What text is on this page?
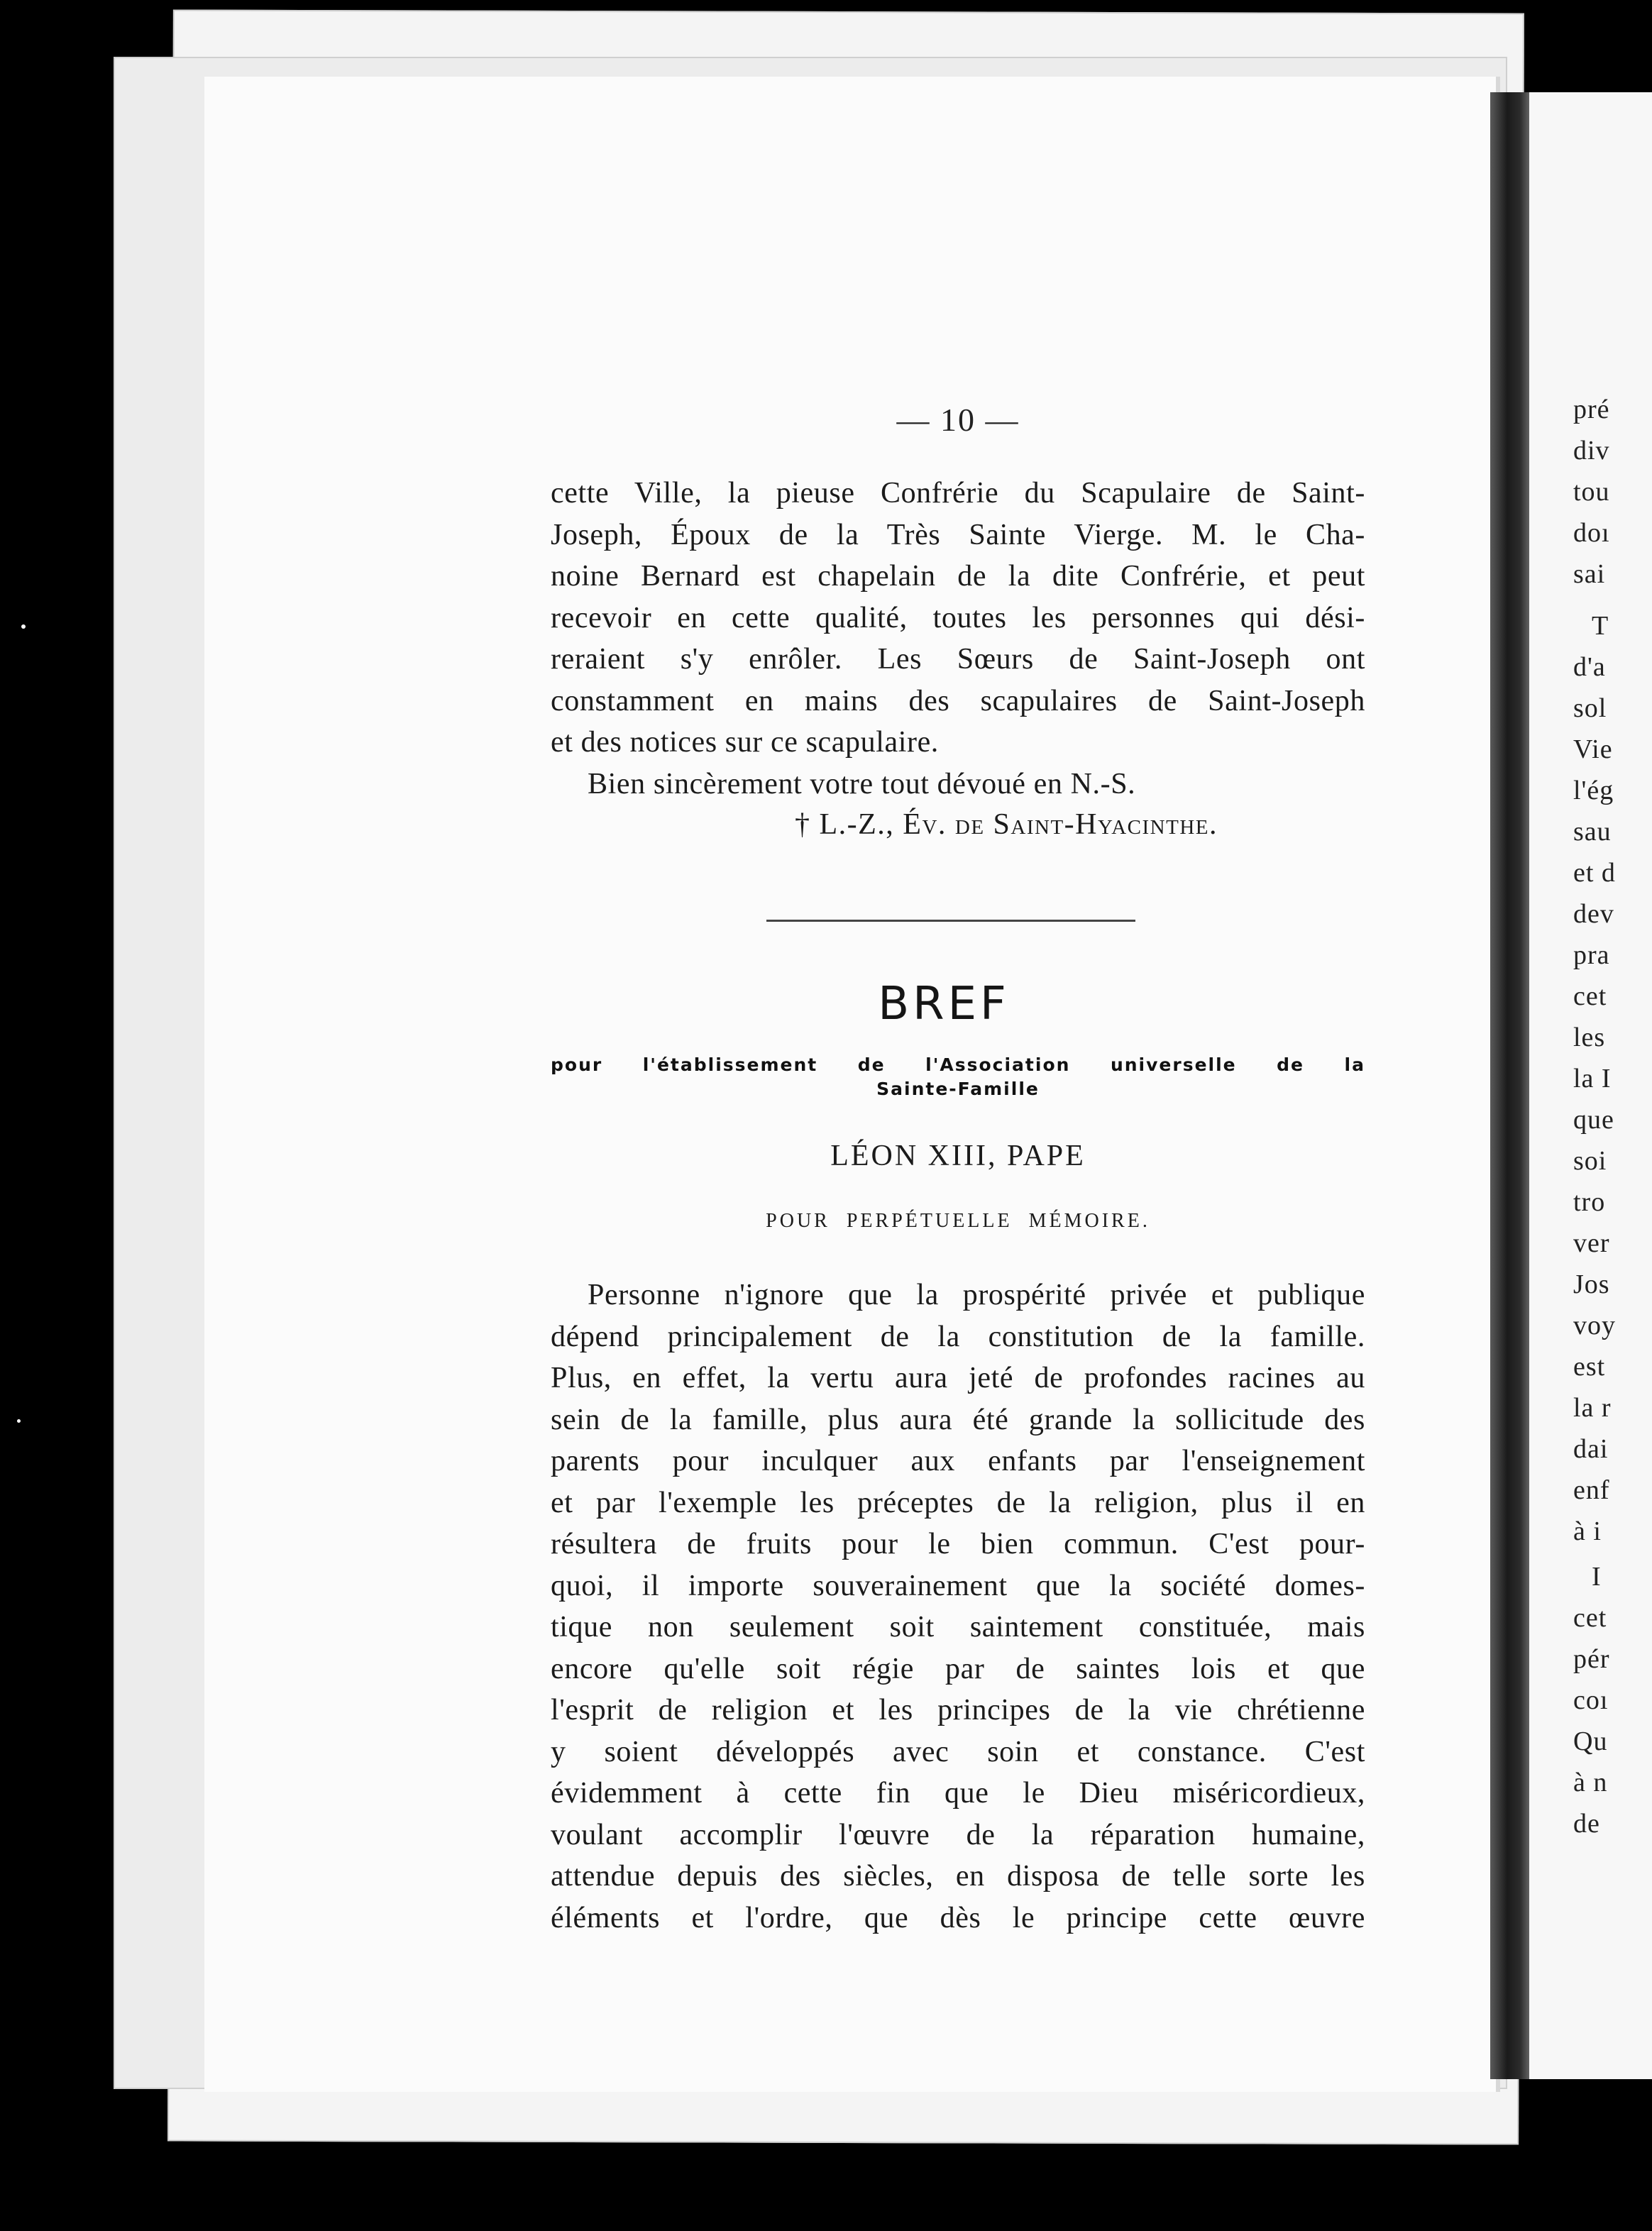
pré
div
tou
doı
sai
T
d'a
sol
Vie
l'ég
sau
et d
dev
pra
cet
les
la I
que
soi
tro
ver
Jos
voy
est
la r
dai
enf
à i
I
cet
pér
coı
Qu
à n
de
— 10 —
cette Ville, la pieuse Confrérie du Scapulaire de Saint-
Joseph, Époux de la Très Sainte Vierge. M. le Cha-
noine Bernard est chapelain de la dite Confrérie, et peut
recevoir en cette qualité, toutes les personnes qui dési-
reraient s'y enrôler. Les Sœurs de Saint-Joseph ont
constamment en mains des scapulaires de Saint-Joseph
et des notices sur ce scapulaire.
Bien sincèrement votre tout dévoué en N.-S.
† L.-Z., Év. de Saint-Hyacinthe.
BREF
pour l'établissement de l'Association universelle de la
Sainte-Famille
LÉON XIII, PAPE
POUR PERPÉTUELLE MÉMOIRE.
Personne n'ignore que la prospérité privée et publique
dépend principalement de la constitution de la famille.
Plus, en effet, la vertu aura jeté de profondes racines au
sein de la famille, plus aura été grande la sollicitude des
parents pour inculquer aux enfants par l'enseignement
et par l'exemple les préceptes de la religion, plus il en
résultera de fruits pour le bien commun. C'est pour-
quoi, il importe souverainement que la société domes-
tique non seulement soit saintement constituée, mais
encore qu'elle soit régie par de saintes lois et que
l'esprit de religion et les principes de la vie chrétienne
y soient développés avec soin et constance. C'est
évidemment à cette fin que le Dieu miséricordieux,
voulant accomplir l'œuvre de la réparation humaine,
attendue depuis des siècles, en disposa de telle sorte les
éléments et l'ordre, que dès le principe cette œuvre
